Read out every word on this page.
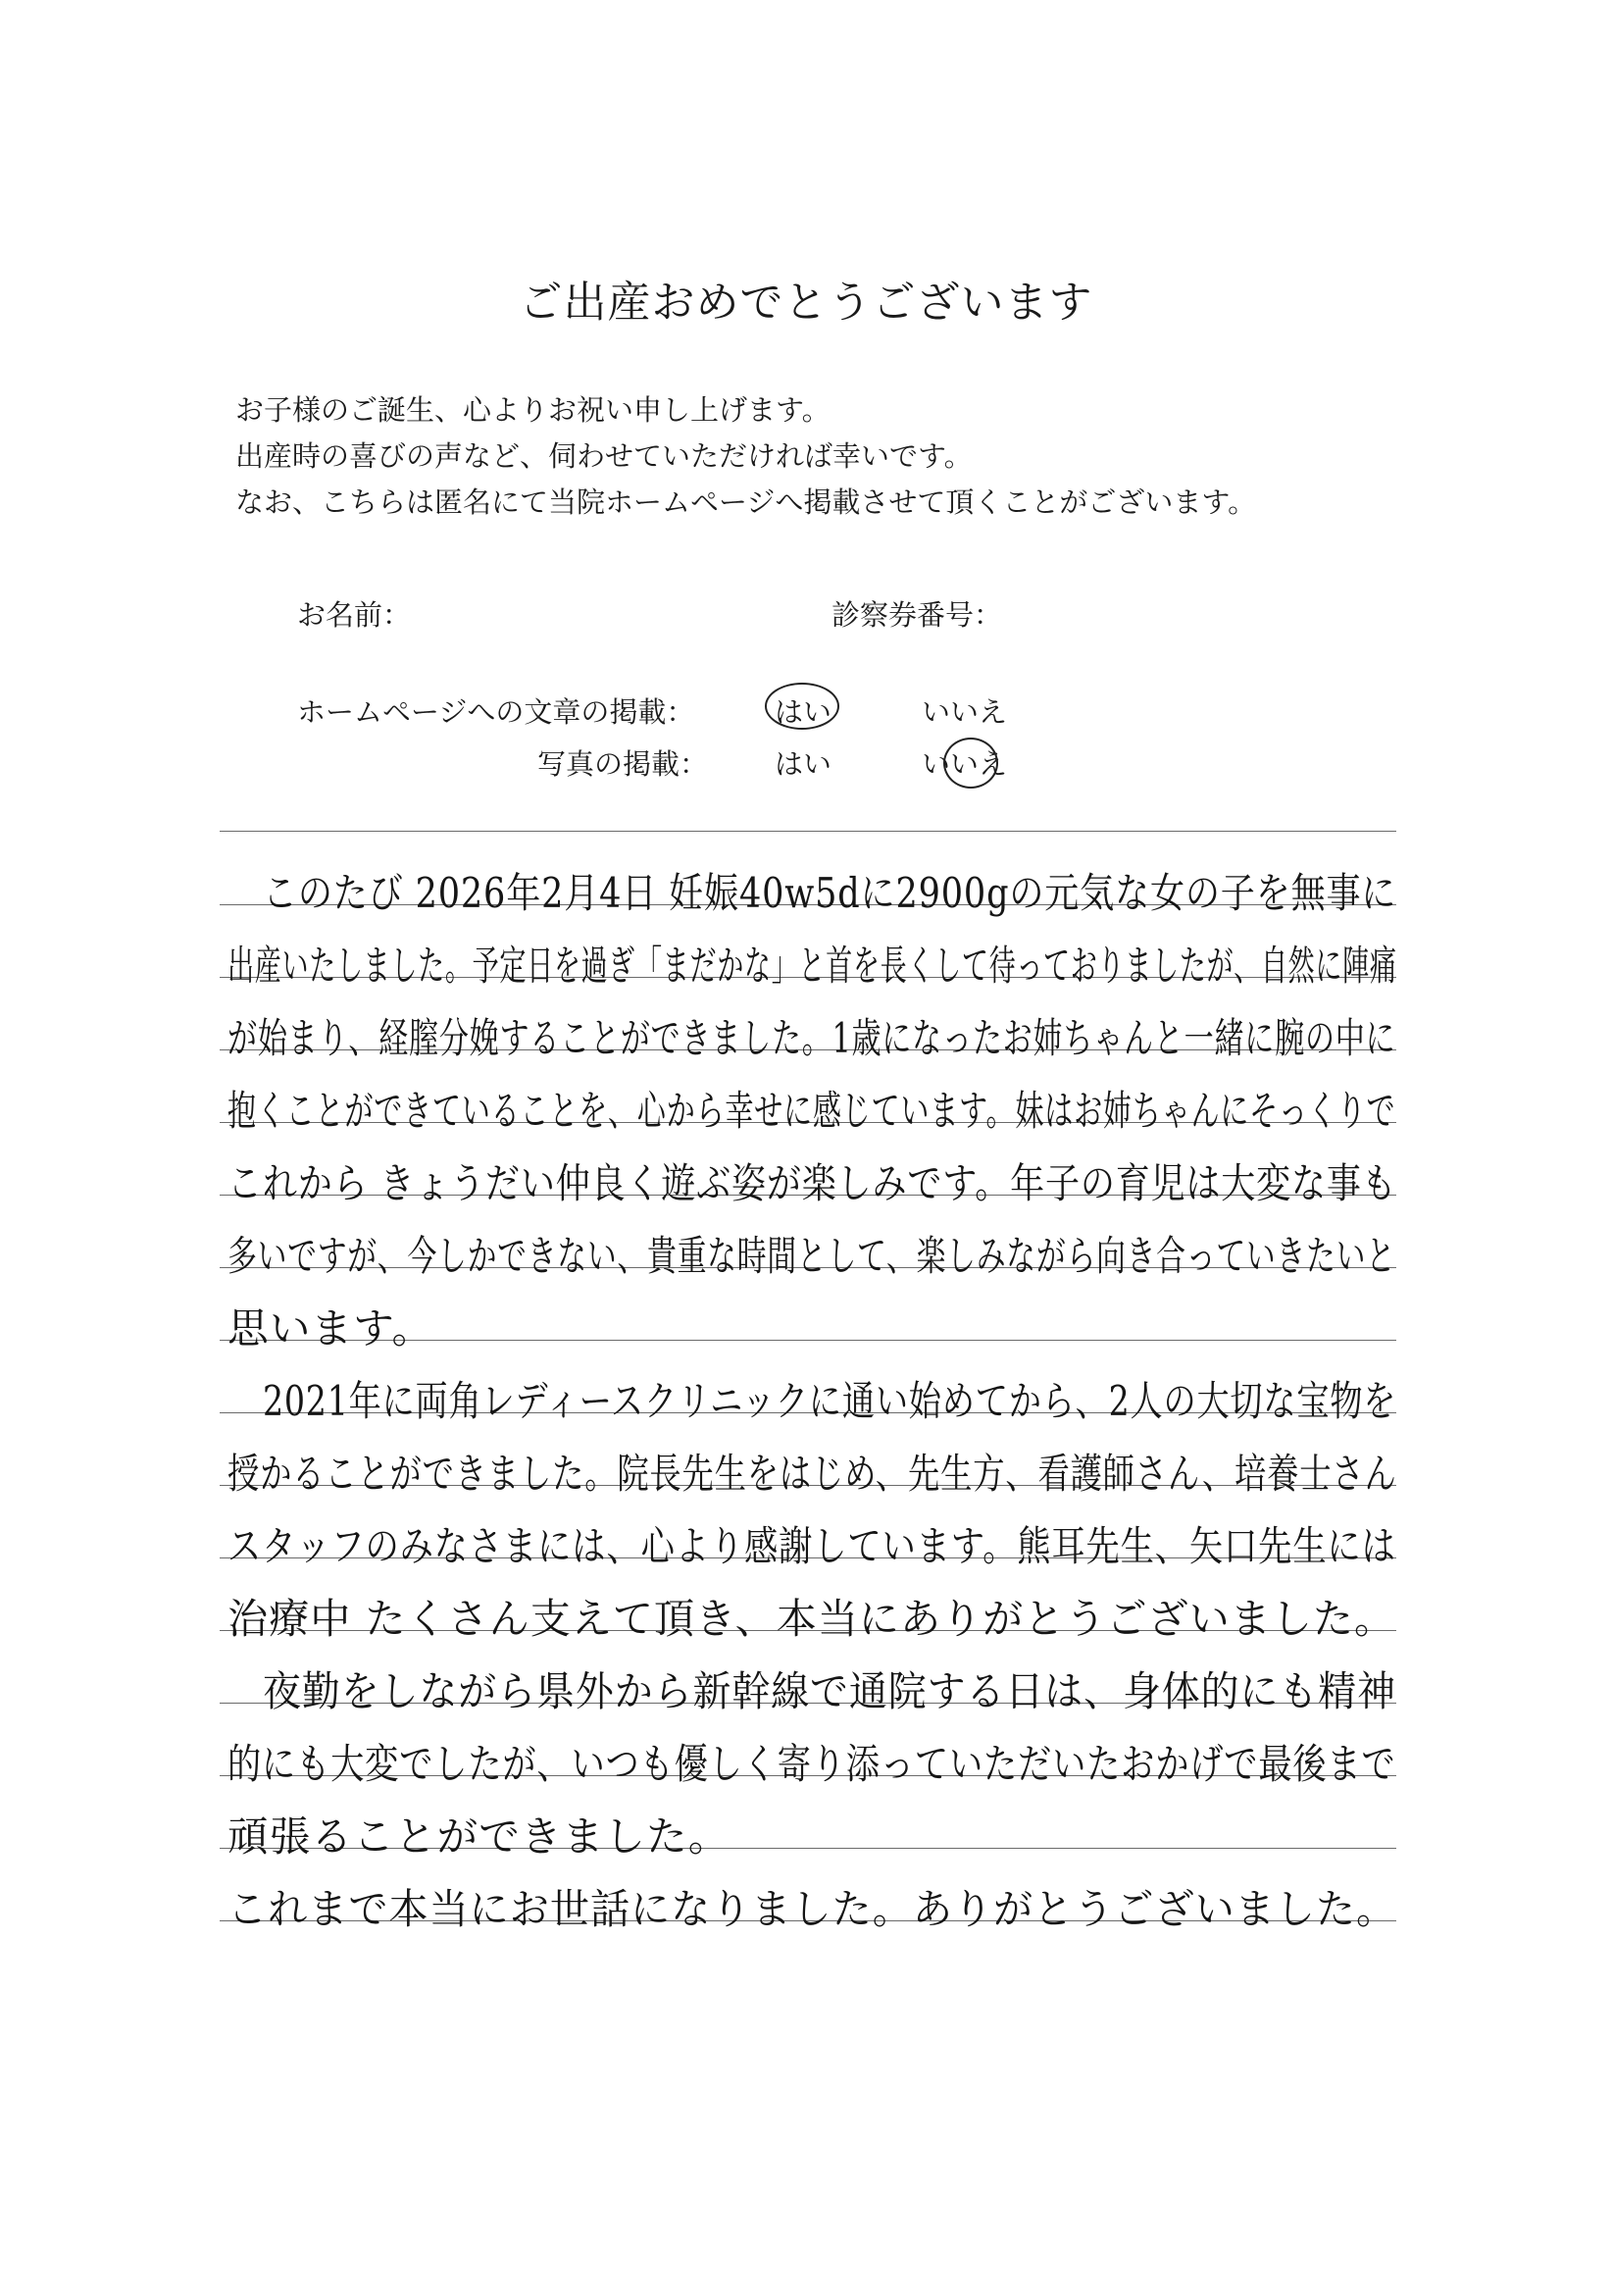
ご出産おめでとうございます
お子様のご誕生、心よりお祝い申し上げます。
出産時の喜びの声など、伺わせていただければ幸いです。
なお、こちらは匿名にて当院ホームページへ掲載させて頂くことがございます。
お名前：	診察券番号：
ホームページへの文章の掲載：	はい	いいえ
写真の掲載： はい	いいえ
このたび 2026年2月4日 妊娠40w5dに2900gの元気な女の子を無事に
出産いたしました。予定日を過ぎ「まだかな」と首を長くして待っておりましたが、自然に陣痛
が始まり、経膣分娩することができました。1歳になったお姉ちゃんと一緒に腕の中に
抱くことができていることを、心から幸せに感じています。妹はお姉ちゃんにそっくりで
これから きょうだい仲良く遊ぶ姿が楽しみです。年子の育児は大変な事も
多いですが、今しかできない、貴重な時間として、楽しみながら向き合っていきたいと
思います。
2021年に両角レディースクリニックに通い始めてから、2人の大切な宝物を
授かることができました。院長先生をはじめ、先生方、看護師さん、培養士さん
スタッフのみなさまには、心より感謝しています。熊耳先生、矢口先生には
治療中 たくさん支えて頂き、本当にありがとうございました。
夜勤をしながら県外から新幹線で通院する日は、身体的にも精神
的にも大変でしたが、いつも優しく寄り添っていただいたおかげで最後まで
頑張ることができました。
これまで本当にお世話になりました。ありがとうございました。
